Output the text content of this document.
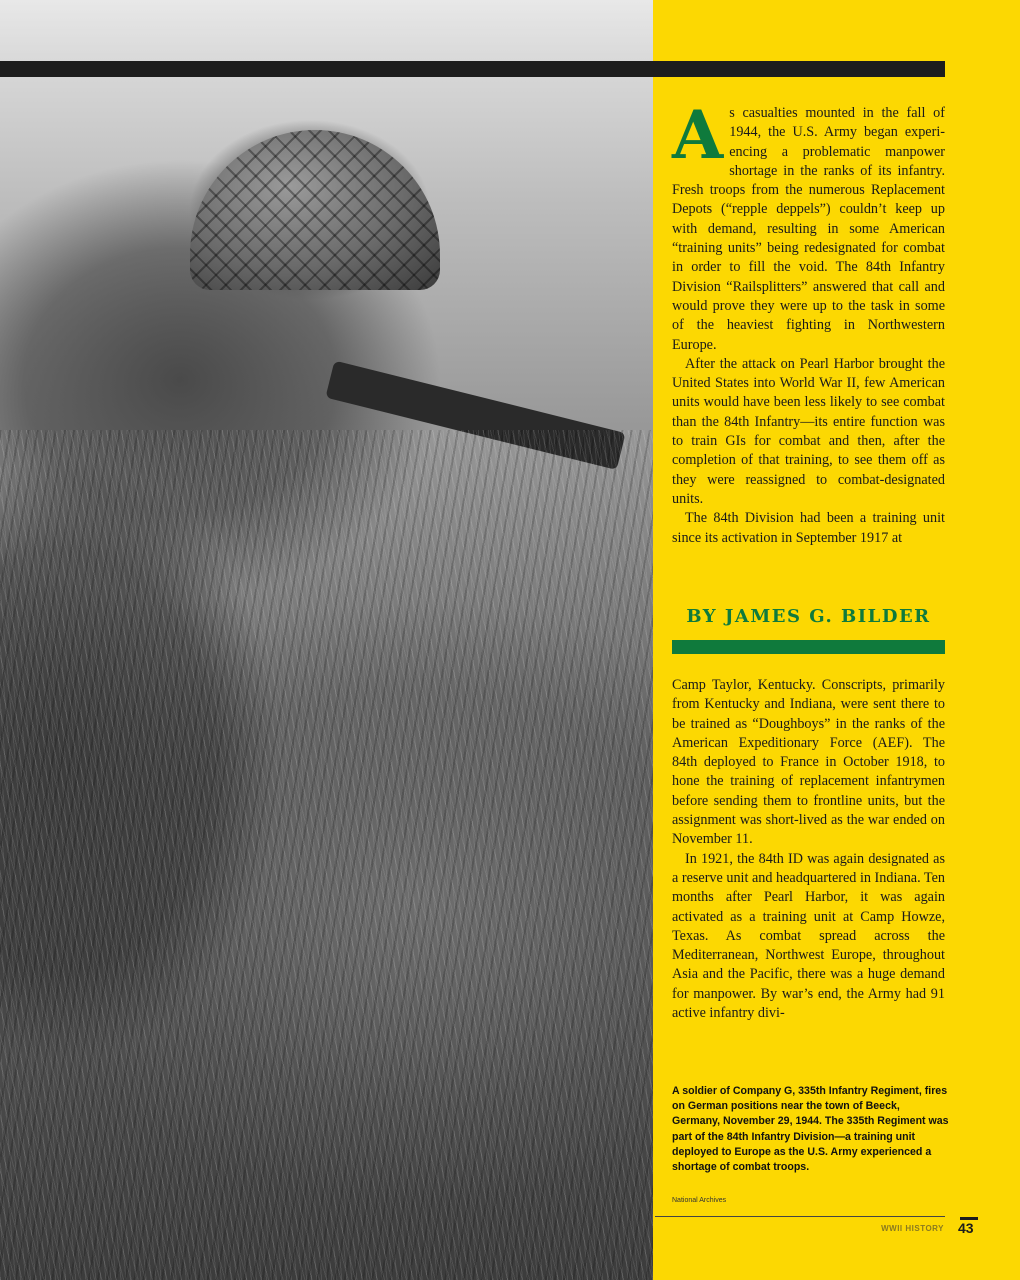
As casualties mounted in the fall of 1944, the U.S. Army began experiencing a problematic manpower shortage in the ranks of its infantry. Fresh troops from the numerous Replacement Depots (“repple deppels”) couldn’t keep up with demand, resulting in some American “training units” being redesignated for combat in order to fill the void. The 84th Infantry Division “Railsplitters” answered that call and would prove they were up to the task in some of the heaviest fighting in Northwestern Europe.

After the attack on Pearl Harbor brought the United States into World War II, few American units would have been less likely to see combat than the 84th Infantry—its entire function was to train GIs for combat and then, after the completion of that training, to see them off as they were reassigned to combat-designated units.

The 84th Division had been a training unit since its activation in September 1917 at

BY JAMES G. BILDER

Camp Taylor, Kentucky. Conscripts, primarily from Kentucky and Indiana, were sent there to be trained as “Doughboys” in the ranks of the American Expeditionary Force (AEF). The 84th deployed to France in October 1918, to hone the training of replacement infantrymen before sending them to frontline units, but the assignment was short-lived as the war ended on November 11.

In 1921, the 84th ID was again designated as a reserve unit and headquartered in Indiana. Ten months after Pearl Harbor, it was again activated as a training unit at Camp Howze, Texas. As combat spread across the Mediterranean, Northwest Europe, throughout Asia and the Pacific, there was a huge demand for manpower. By war’s end, the Army had 91 active infantry divi-

A soldier of Company G, 335th Infantry Regiment, fires on German positions near the town of Beeck, Germany, November 29, 1944. The 335th Regiment was part of the 84th Infantry Division—a training unit deployed to Europe as the U.S. Army experienced a shortage of combat troops.
National Archives
WWII HISTORY 43
